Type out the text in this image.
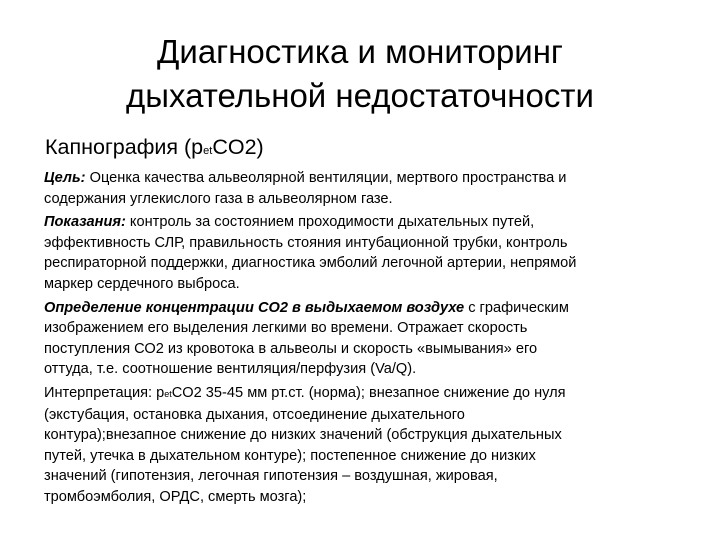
Диагностика и мониторинг
дыхательной недостаточности

Капнография (petCO2)

Цель: Оценка качества альвеолярной вентиляции, мертвого пространства и
содержания углекислого газа в альвеолярном газе.

Показания: контроль за состоянием проходимости дыхательных путей,
эффективность СЛР, правильность стояния интубационной трубки, контроль
респираторной поддержки, диагностика эмболий легочной артерии, непрямой
маркер сердечного выброса.

Определение концентрации СО2 в выдыхаемом воздухе с графическим
изображением его выделения легкими во времени. Отражает скорость
поступления СО2 из кровотока в альвеолы и скорость «вымывания» его
оттуда, т.е. соотношение вентиляция/перфузия (Va/Q).

Интерпретация: petCO2 35-45 мм рт.ст. (норма); внезапное снижение до нуля
(экстубация, остановка дыхания, отсоединение дыхательного
контура);внезапное снижение до низких значений (обструкция дыхательных
путей, утечка в дыхательном контуре); постепенное снижение до низких
значений (гипотензия, легочная гипотензия – воздушная, жировая,
тромбоэмболия, ОРДС, смерть мозга);
